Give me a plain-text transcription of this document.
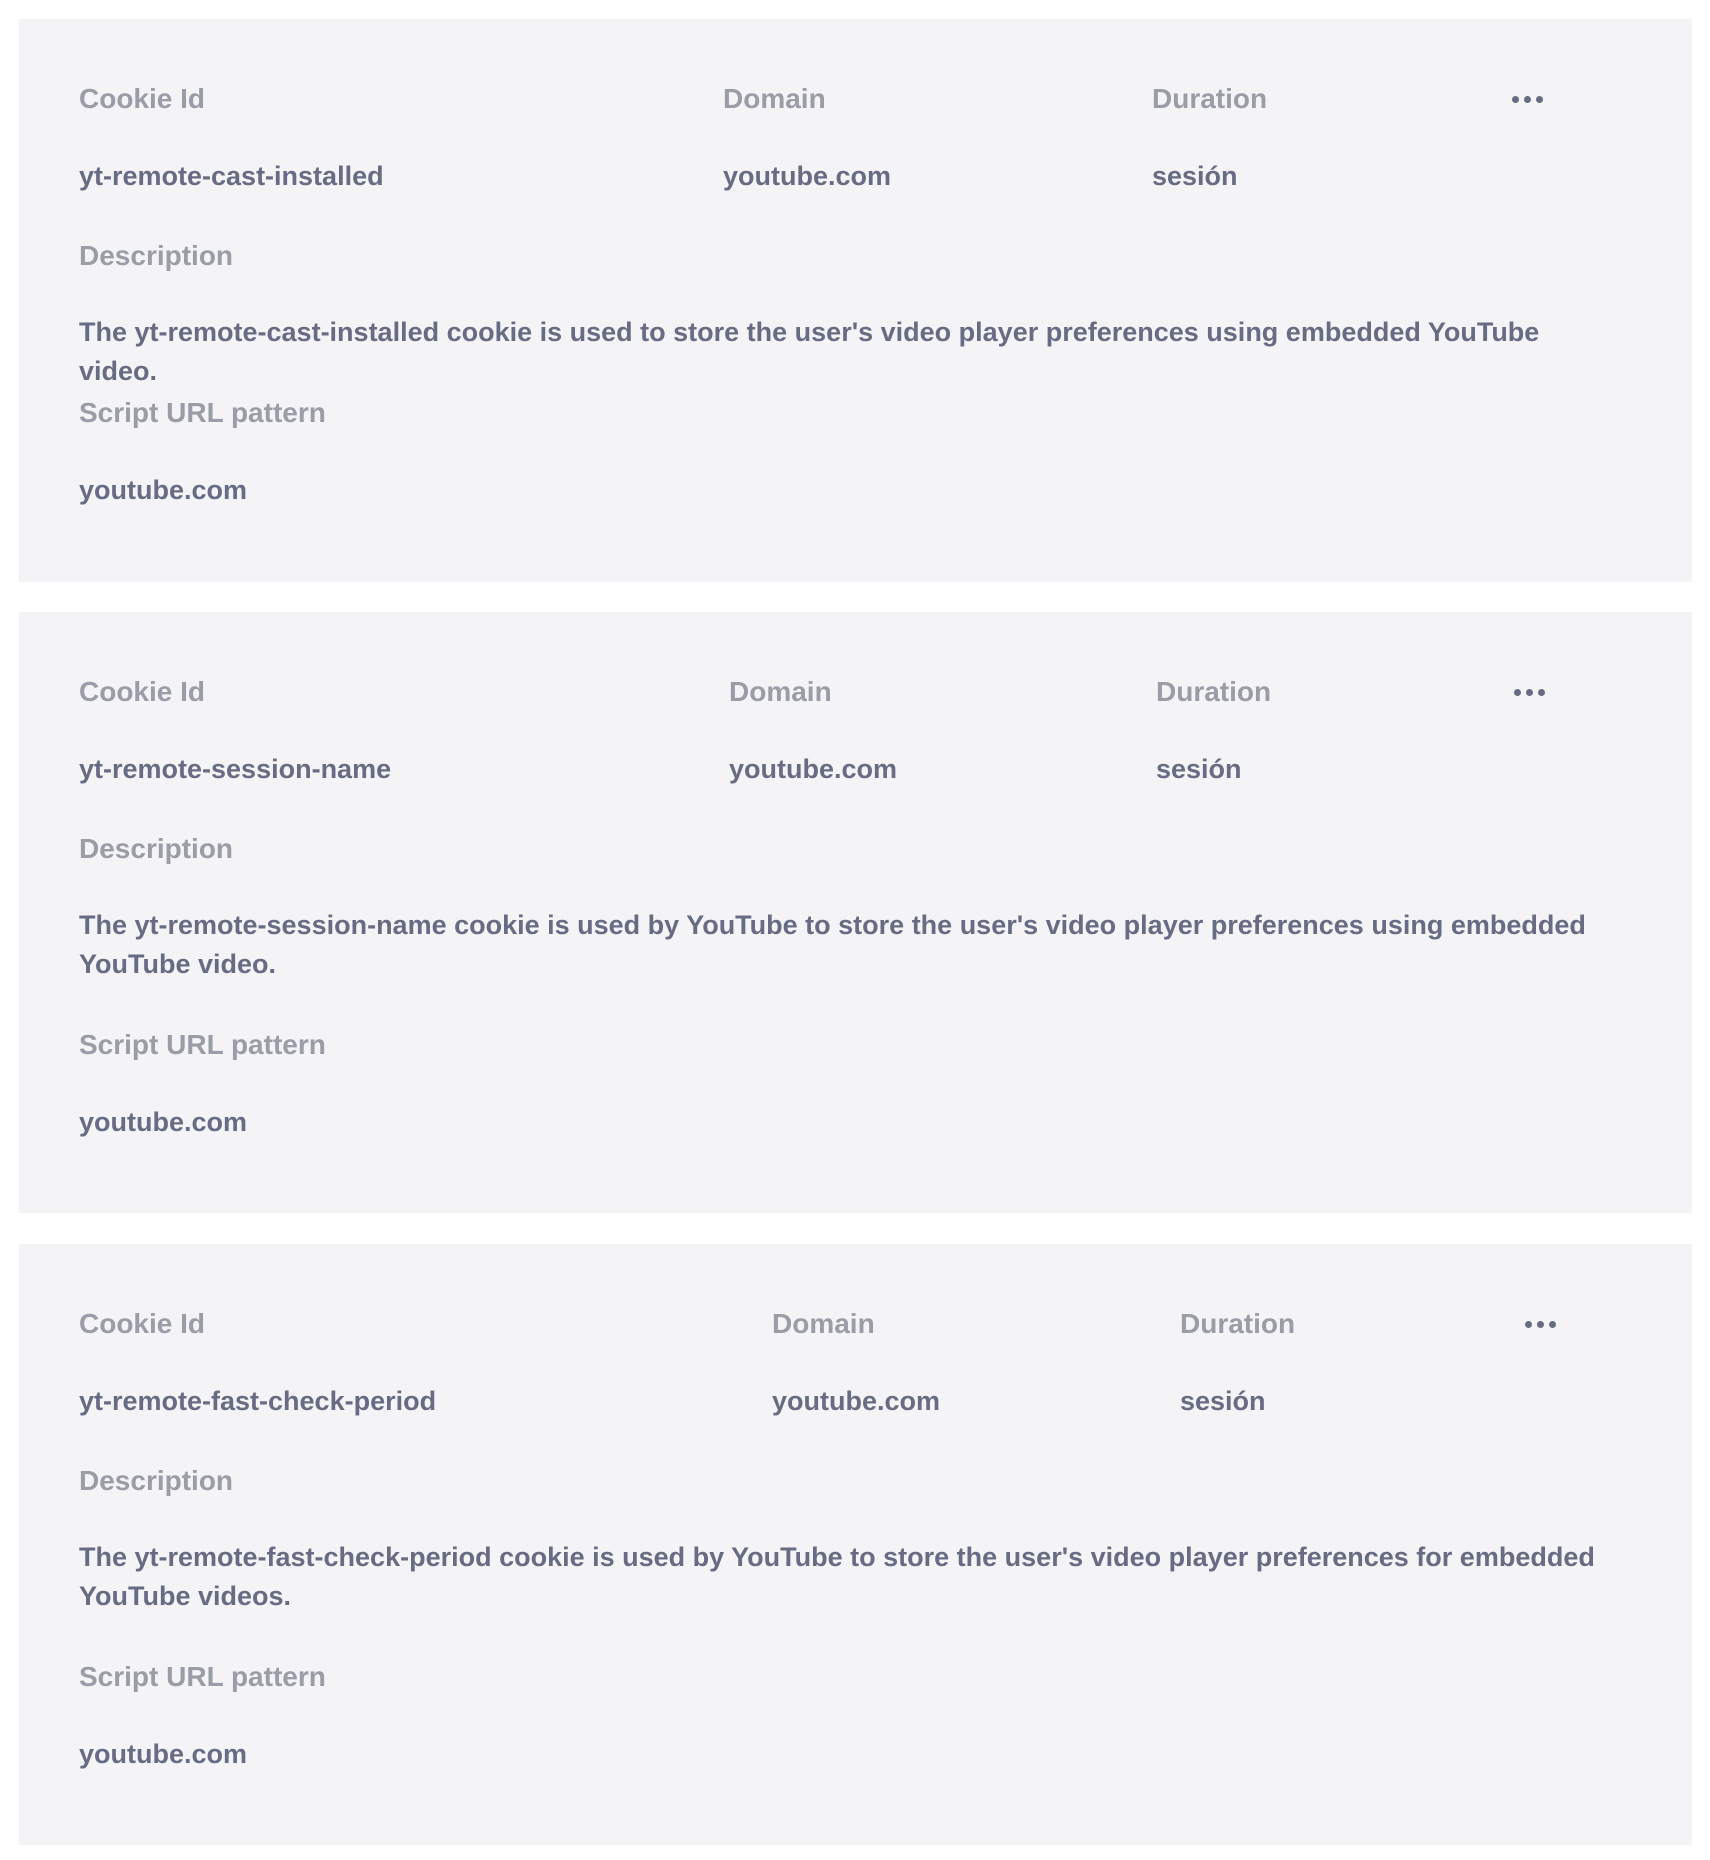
Cookie Id	Domain	Duration
yt-remote-cast-installed	youtube.com	sesión
Description
The yt-remote-cast-installed cookie is used to store the user's video player preferences using embedded YouTube video.
Script URL pattern
youtube.com
Cookie Id	Domain	Duration
yt-remote-session-name	youtube.com	sesión
Description
The yt-remote-session-name cookie is used by YouTube to store the user's video player preferences using embedded YouTube video.
Script URL pattern
youtube.com
Cookie Id	Domain	Duration
yt-remote-fast-check-period	youtube.com	sesión
Description
The yt-remote-fast-check-period cookie is used by YouTube to store the user's video player preferences for embedded YouTube videos.
Script URL pattern
youtube.com
